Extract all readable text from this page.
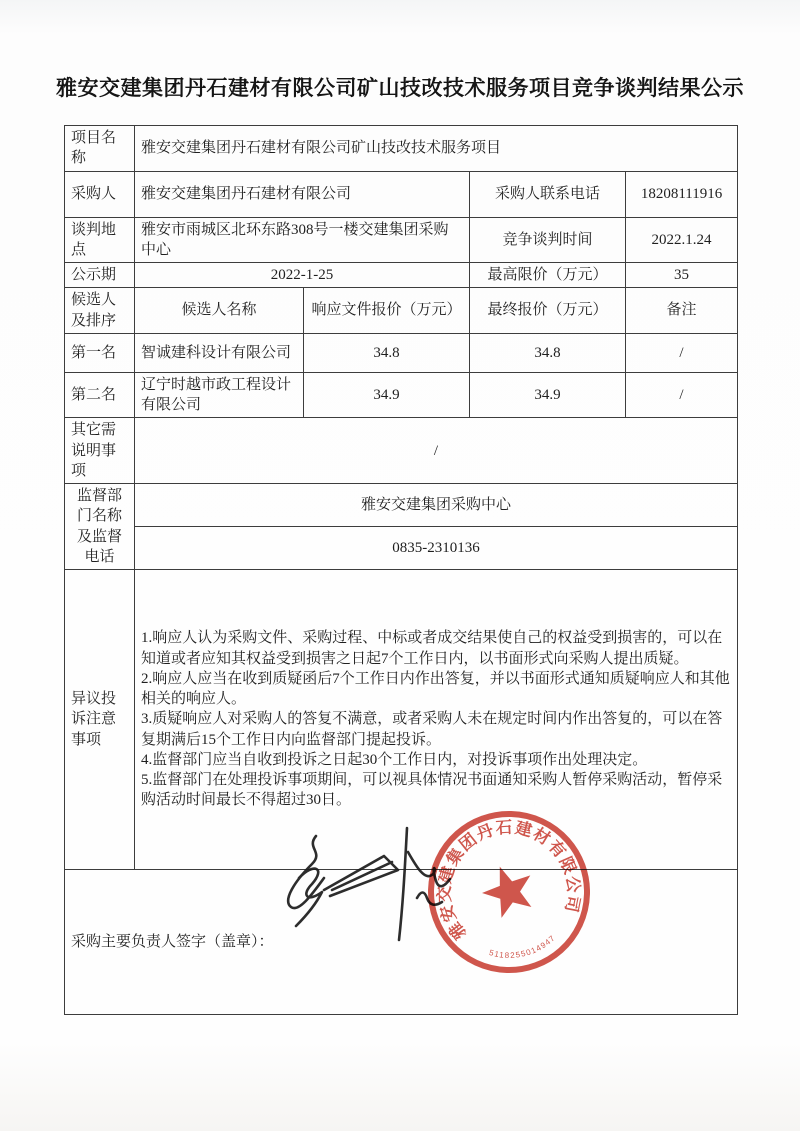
雅安交建集团丹石建材有限公司矿山技改技术服务项目竞争谈判结果公示
项目名称	雅安交建集团丹石建材有限公司矿山技改技术服务项目			
采购人	雅安交建集团丹石建材有限公司		采购人联系电话	18208111916
谈判地点	雅安市雨城区北环东路308号一楼交建集团采购中心		竞争谈判时间	2022.1.24
公示期	2022-1-25		最高限价（万元）	35
候选人及排序	候选人名称	响应文件报价（万元）	最终报价（万元）	备注
第一名	智诚建科设计有限公司	34.8	34.8	/
第二名	辽宁时越市政工程设计有限公司	34.9	34.9	/
其它需说明事项	/			
监督部门名称及监督电话	雅安交建集团采购中心			
	0835-2310136			
异议投诉注意事项	1.响应人认为采购文件、采购过程、中标或者成交结果使自己的权益受到损害的，可以在知道或者应知其权益受到损害之日起7个工作日内，以书面形式向采购人提出质疑。
2.响应人应当在收到质疑函后7个工作日内作出答复，并以书面形式通知质疑响应人和其他相关的响应人。
3.质疑响应人对采购人的答复不满意，或者采购人未在规定时间内作出答复的，可以在答复期满后15个工作日内向监督部门提起投诉。
4.监督部门应当自收到投诉之日起30个工作日内，对投诉事项作出处理决定。
5.监督部门在处理投诉事项期间，可以视具体情况书面通知采购人暂停采购活动，暂停采购活动时间最长不得超过30日。			

采购主要负责人签字（盖章）：					雅安交建集团丹石建材有限公司
5118255014947
